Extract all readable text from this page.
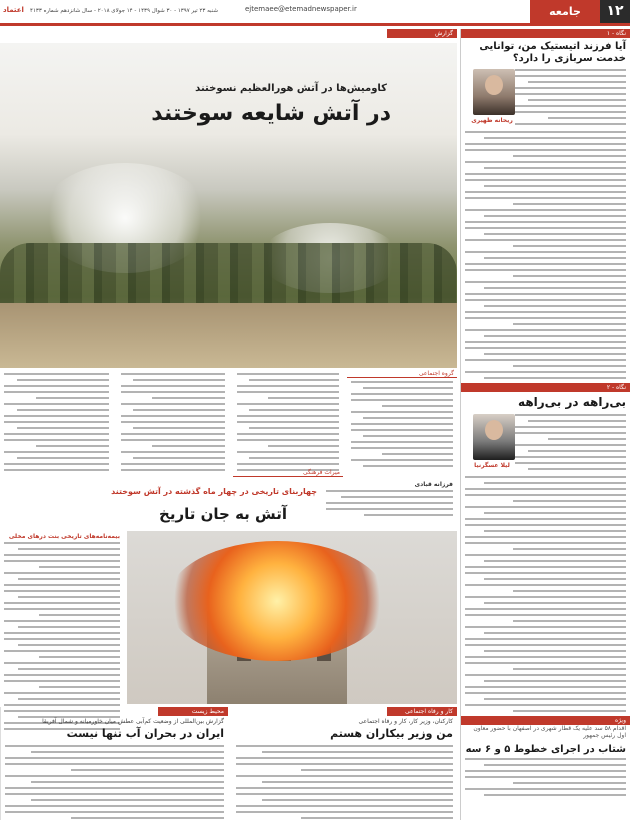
۱۲
جامعه
ejtemaee@etemadnewspaper.ir
شنبه ۲۳ تیر ۱۳۹۷ - ۳۰ شوال ۱۴۳۹ - ۱۴ جولای ۲۰۱۸ - سال شانزدهم شماره ۴۱۳۳
اعتماد
نگاه - ۱
آیا فرزند اتیستیک من، توانایی خدمت سربازی را دارد؟
ریحانه ظهیری
نگاه - ۲
بی‌راهه در بی‌راهه
لیلا عسگرنیا
ویژه
اقدام ۵۸ سد علیه یک قطار شهری در اصفهان با حضور معاون اول رئیس جمهور
شتاب در اجرای خطوط ۵ و ۶ سه
گزارش
کاومیش‌ها در آتش هورالعظیم نسوختند
در آتش شایعه سوختند
گروه اجتماعی
میراث فرهنگی
فرزانه قبادی
چهاربنای تاریخی در چهار ماه گذشته در آتش سوختند
آتش به جان تاریخ
بیمه‌نامه‌های تاریخی بنت درهای مخلی
کار و رفاه اجتماعی
کارکنان، وزیر کار، کار و رفاه اجتماعی
من وزیر بیکاران هستم
محیط زیست
گزارش بین‌المللی از وضعیت کم‌آبی عطش میان خاورمیانه و شمال آفریقا
ایران در بحران آب تنها نیست
